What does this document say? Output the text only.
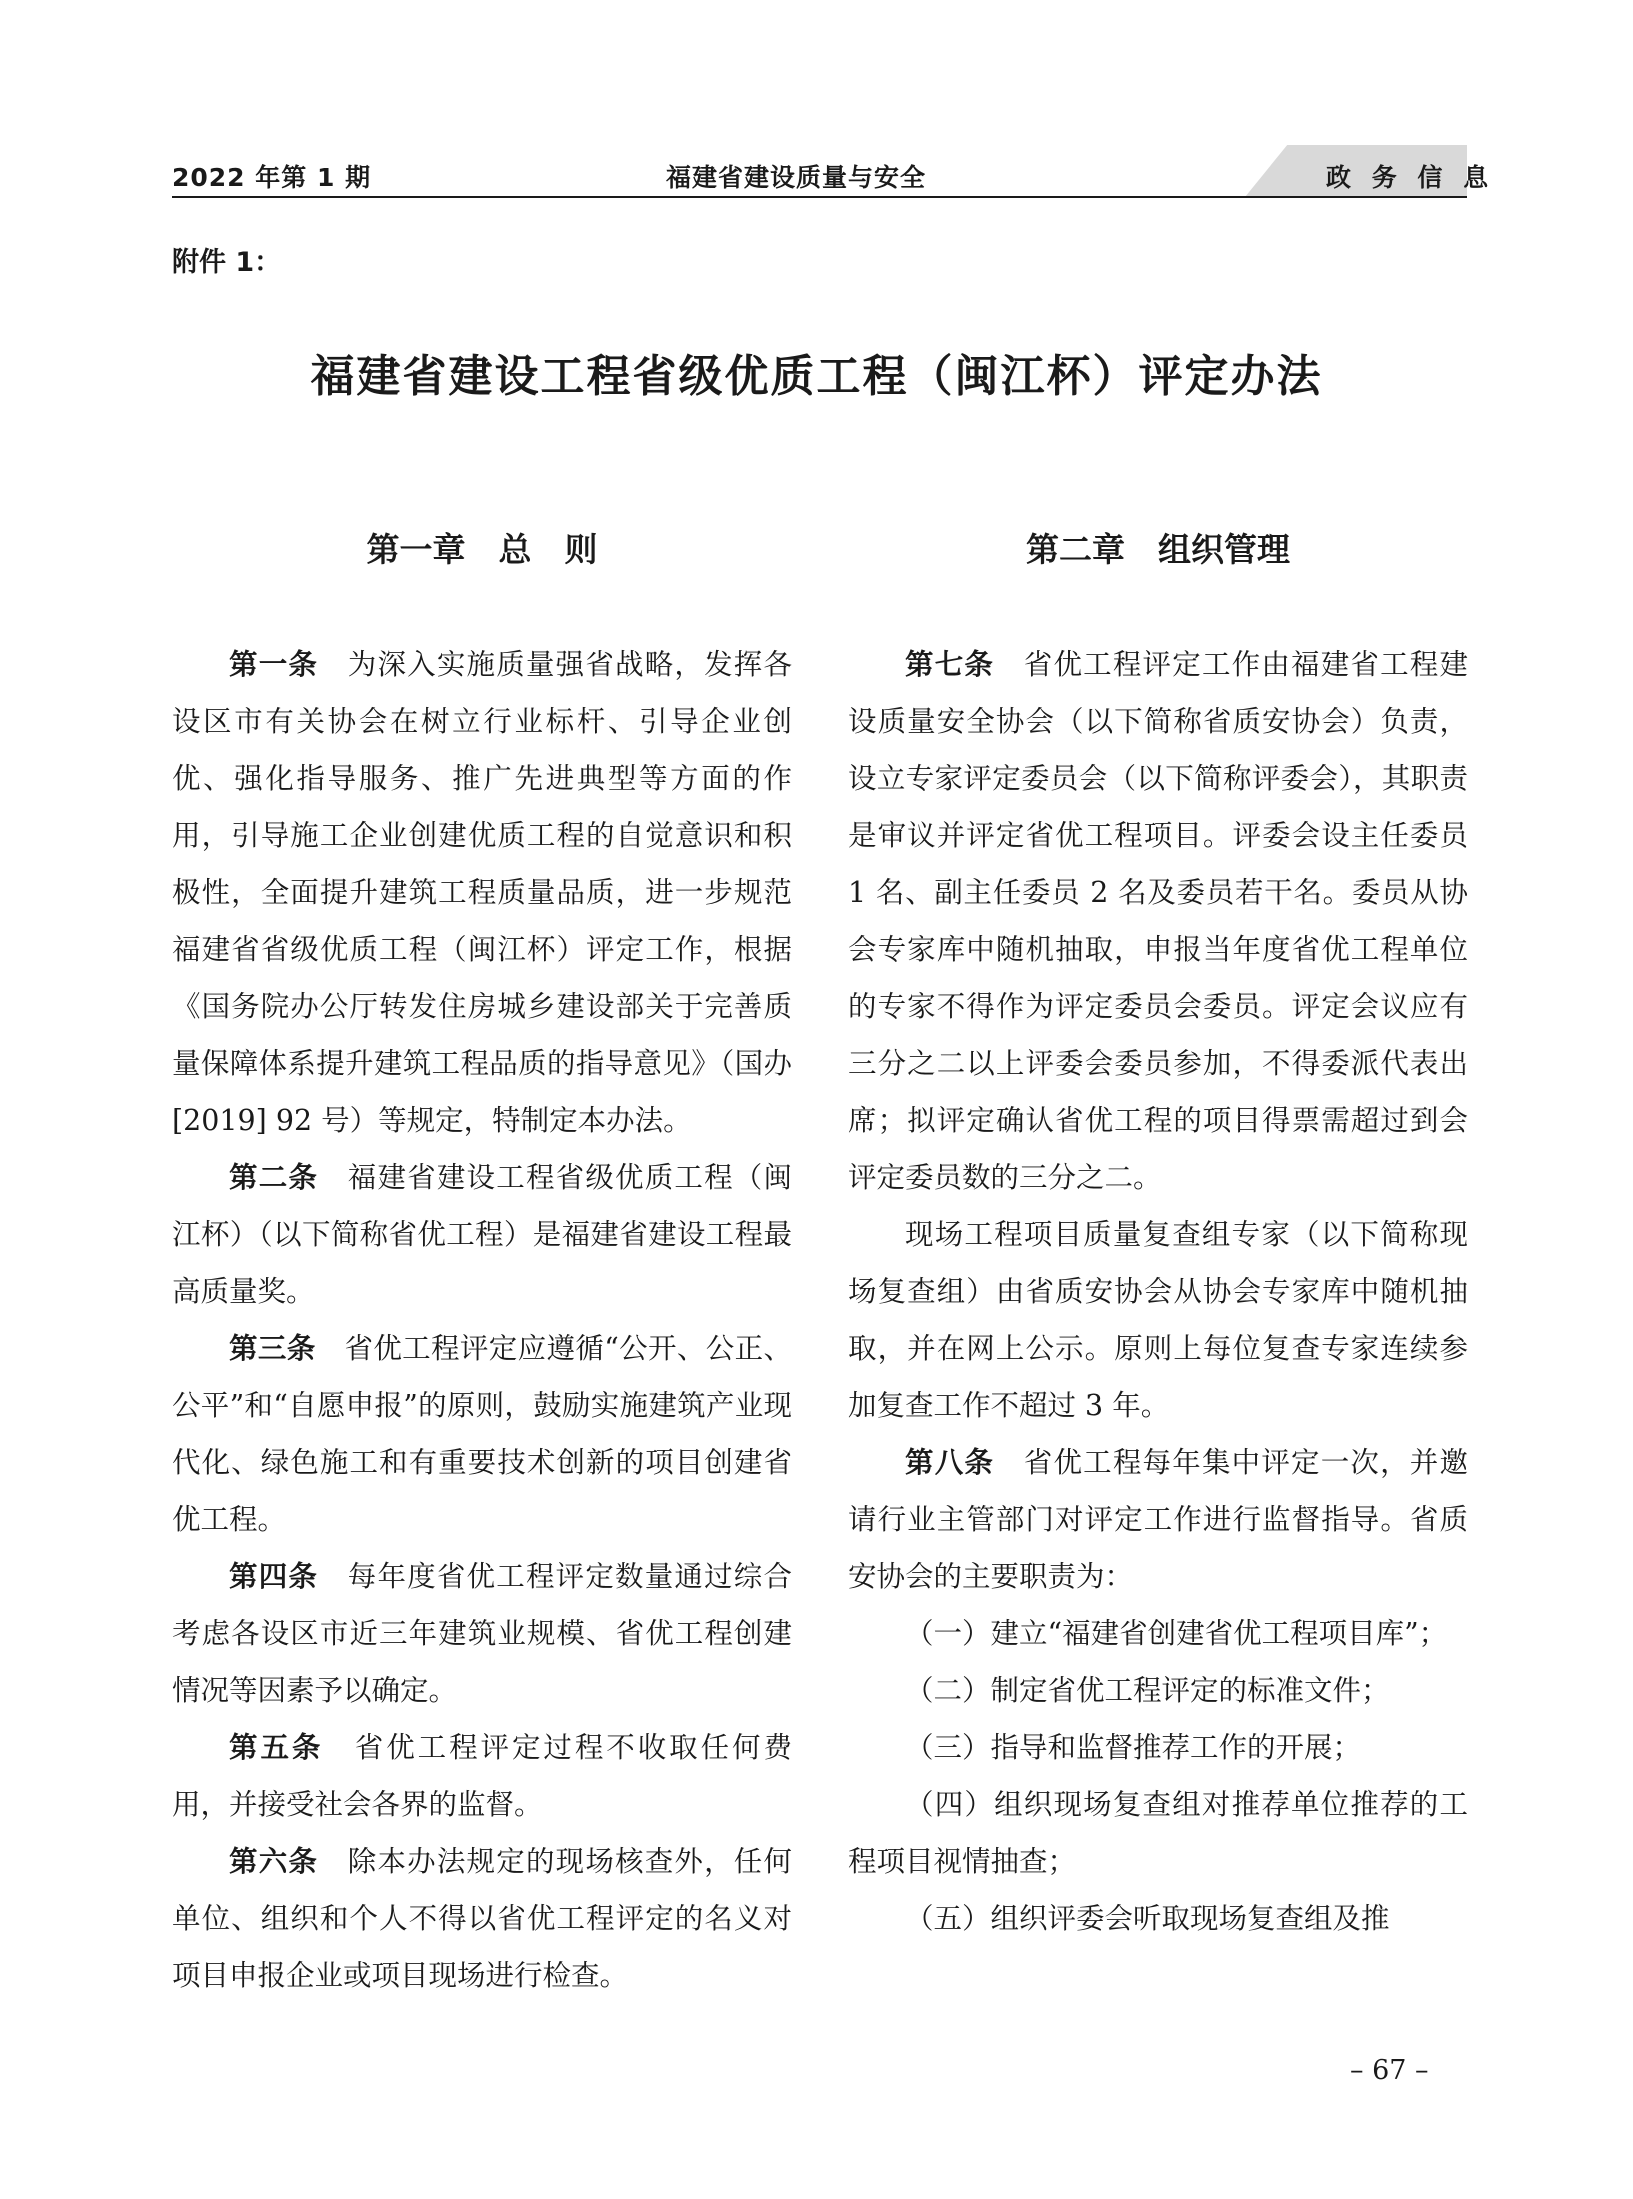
2022 年第 1 期	福建省建设质量与安全	政 务 信 息
附件 1：
福建省建设工程省级优质工程（闽江杯）评定办法
第一章　总　则
第一条　为深入实施质量强省战略，发挥各设区市有关协会在树立行业标杆、引导企业创优、强化指导服务、推广先进典型等方面的作用，引导施工企业创建优质工程的自觉意识和积极性，全面提升建筑工程质量品质，进一步规范福建省省级优质工程（闽江杯）评定工作，根据《国务院办公厅转发住房城乡建设部关于完善质量保障体系提升建筑工程品质的指导意见》（国办 [2019] 92 号）等规定，特制定本办法。
第二条　福建省建设工程省级优质工程（闽江杯）（以下简称省优工程）是福建省建设工程最高质量奖。
第三条　省优工程评定应遵循“公开、公正、公平”和“自愿申报”的原则，鼓励实施建筑产业现代化、绿色施工和有重要技术创新的项目创建省优工程。
第四条　每年度省优工程评定数量通过综合考虑各设区市近三年建筑业规模、省优工程创建情况等因素予以确定。
第五条　省优工程评定过程不收取任何费用，并接受社会各界的监督。
第六条　除本办法规定的现场核查外，任何单位、组织和个人不得以省优工程评定的名义对项目申报企业或项目现场进行检查。
第二章　组织管理
第七条　省优工程评定工作由福建省工程建设质量安全协会（以下简称省质安协会）负责，设立专家评定委员会（以下简称评委会），其职责是审议并评定省优工程项目。评委会设主任委员 1 名、副主任委员 2 名及委员若干名。委员从协会专家库中随机抽取，申报当年度省优工程单位的专家不得作为评定委员会委员。评定会议应有三分之二以上评委会委员参加，不得委派代表出席；拟评定确认省优工程的项目得票需超过到会评定委员数的三分之二。
现场工程项目质量复查组专家（以下简称现场复查组）由省质安协会从协会专家库中随机抽取，并在网上公示。原则上每位复查专家连续参加复查工作不超过 3 年。
第八条　省优工程每年集中评定一次，并邀请行业主管部门对评定工作进行监督指导。省质安协会的主要职责为：
（一）建立“福建省创建省优工程项目库”；
（二）制定省优工程评定的标准文件；
（三）指导和监督推荐工作的开展；
（四）组织现场复查组对推荐单位推荐的工程项目视情抽查；
（五）组织评委会听取现场复查组及推
– 67 –
